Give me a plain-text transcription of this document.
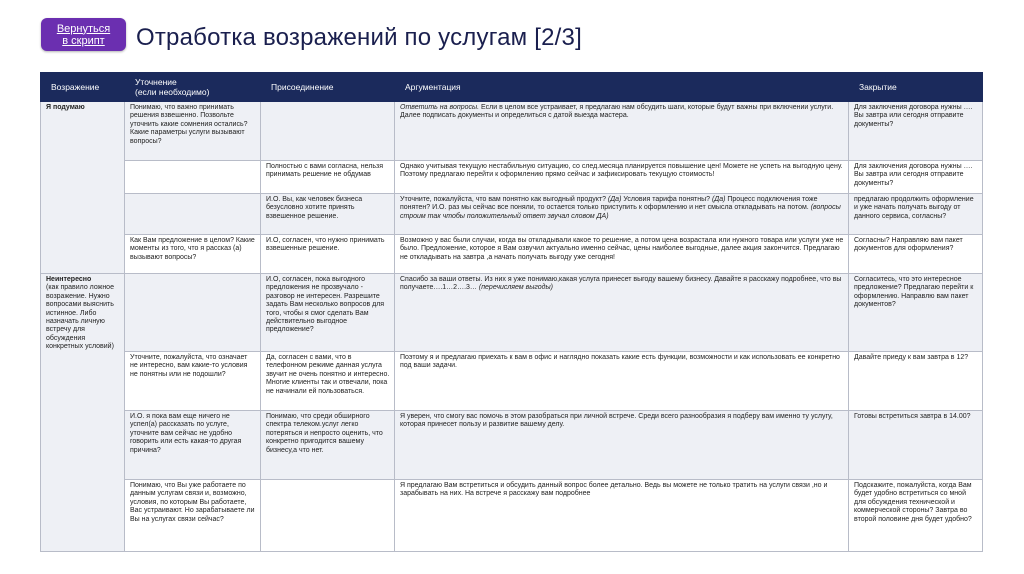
Вернуться
в скрипт	Отработка возражений по услугам [2/3]
Возражение	Уточнение
(если необходимо)	Присоединение	Аргументация	Закрытие

Я подумаю	Понимаю, что важно принимать решения взвешенно. Позвольте уточнить какие сомнения остались? Какие параметры услуги вызывают вопросы?		Ответить на вопросы. Если в целом все устраивает, я предлагаю нам обсудить шаги, которые будут важны при включении услуги. Далее подписать документы и определиться с датой выезда мастера.	Для заключения договора нужны …. Вы завтра или сегодня отправите документы?
		Полностью с вами согласна, нельзя принимать решение не обдумав	Однако учитывая текущую нестабильную ситуацию, со след.месяца планируется повышение цен! Можете не успеть на выгодную цену. Поэтому предлагаю перейти к оформлению прямо сейчас и зафиксировать текущую стоимость!	Для заключения договора нужны …. Вы завтра или сегодня отправите документы?
		И.О. Вы, как человек бизнеса безусловно хотите принять взвешенное решение.	Уточните, пожалуйста, что вам понятно как выгодный продукт? (Да) Условия тарифа понятны? (Да) Процесс подключения тоже понятен? И.О. раз мы сейчас все поняли, то остается только приступить к оформлению и нет смысла откладывать на потом. (вопросы строим так чтобы положительный ответ звучал словом ДА)	предлагаю продолжить оформление и уже начать получать выгоду от данного сервиса, согласны?
	Как Вам предложение в целом? Какие моменты из того, что я рассказ (а) вызывают вопросы?	И.О, согласен, что нужно принимать взвешенные решение.	Возможно у вас были случаи, когда вы откладывали какое то решение, а потом цена возрастала или нужного товара или услуги уже не было. Предложение, которое я Вам озвучил актуально именно сейчас, цены наиболее выгодные, далее акция закончится. Предлагаю не откладывать на завтра ,а начать получать выгоду уже сегодня!	Согласны? Направляю вам пакет документов для оформления?

Неинтересно
(как правило ложное возражение. Нужно вопросами выяснить истинное. Либо назначать личную встречу для обсуждения конкретных условий)		И.О, согласен, пока выгодного предложения не прозвучало - разговор не интересен. Разрешите задать Вам несколько вопросов для того, чтобы я смог сделать Вам действительно выгодное предложение?	Спасибо за ваши ответы. Из них я уже понимаю,какая услуга принесет выгоду вашему бизнесу. Давайте я расскажу подробнее, что вы получаете….1…2….3… (перечисляем выгоды)	Согласитесь, что это интересное предложение? Предлагаю перейти к оформлению. Направлю вам пакет документов?
	Уточните, пожалуйста, что означает не интересно, вам какие-то условия не понятны или не подошли?	Да, согласен с вами, что в телефонном режиме данная услуга звучит не очень понятно и интересно. Многие клиенты так и отвечали, пока не начинали ей пользоваться.	Поэтому я и предлагаю приехать к вам в офис и наглядно показать какие есть функции, возможности и как использовать ее конкретно под ваши задачи.	Давайте приеду к вам завтра в 12?
	И.О. я пока вам еще ничего не успел(а) рассказать по услуге, уточните вам сейчас не удобно говорить или есть какая-то другая причина?	Понимаю, что среди обширного спектра телеком.услуг легко потеряться и непросто оценить, что конкретно пригодится вашему бизнесу,а что нет.	Я уверен, что смогу вас помочь в этом разобраться при личной встрече. Среди всего разнообразия я подберу вам именно ту услугу, которая принесет пользу и развитие вашему делу.	Готовы встретиться завтра в 14.00?
	Понимаю, что Вы уже работаете по данным услугам связи и, возможно, условия, по которым Вы работаете, Вас устраивают. Но зарабатываете ли Вы на услугах связи сейчас?		Я предлагаю Вам встретиться и обсудить данный вопрос более детально. Ведь вы можете не только тратить на услуги связи ,но и зарабывать на них. На встрече я расскажу вам подробнее	Подскажите, пожалуйста, когда Вам будет удобно встретиться со мной для обсуждения технической и коммерческой стороны? Завтра во второй половине дня будет удобно?
